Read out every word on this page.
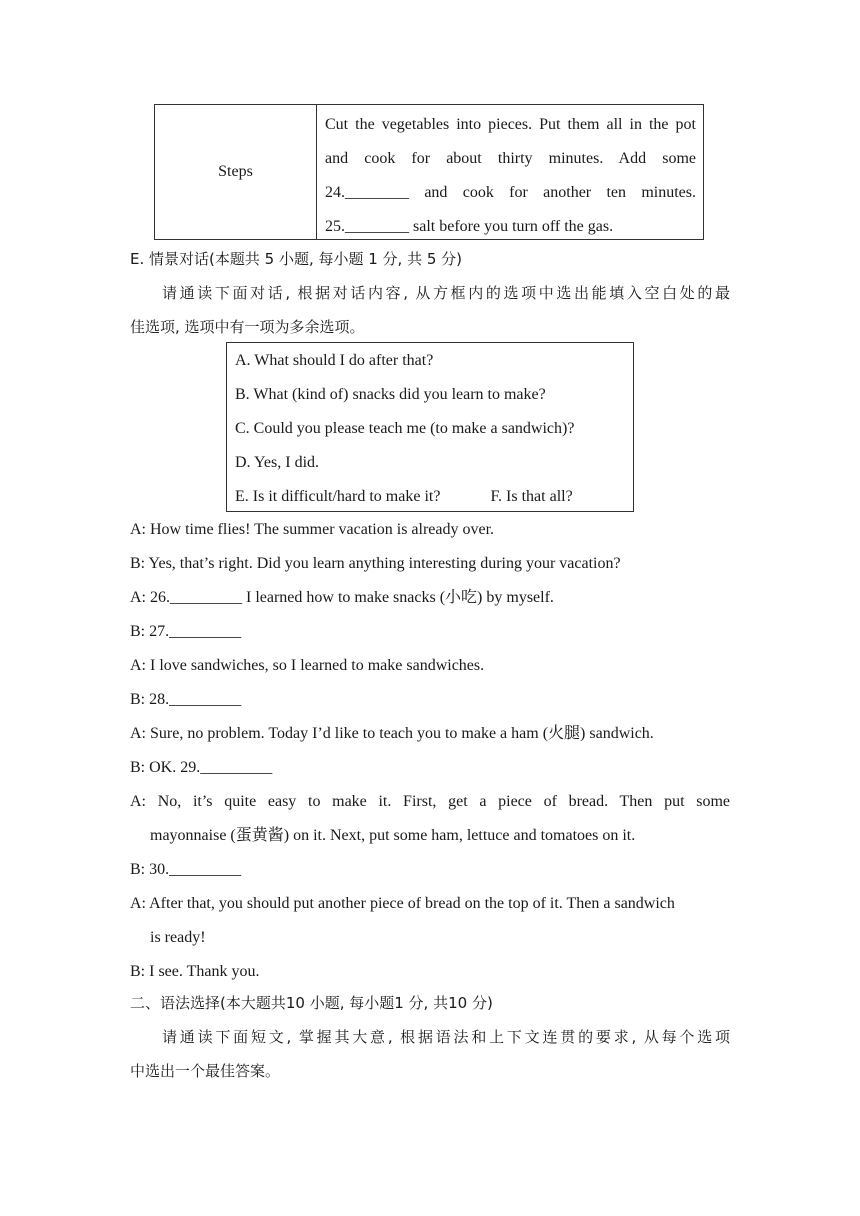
Steps
Cut the vegetables into pieces. Put them all in the pot
and cook for about thirty minutes. Add some
24.________ and cook for another ten minutes.
25.________ salt before you turn off the gas.
E. 情景对话(本题共 5 小题, 每小题 1 分, 共 5 分)
请通读下面对话, 根据对话内容, 从方框内的选项中选出能填入空白处的最
佳选项, 选项中有一项为多余选项。
A. What should I do after that?
B. What (kind of) snacks did you learn to make?
C. Could you please teach me (to make a sandwich)?
D. Yes, I did.
E. Is it difficult/hard to make it?	F. Is that all?
A: How time flies! The summer vacation is already over.
B: Yes, that’s right. Did you learn anything interesting during your vacation?
A: 26._________ I learned how to make snacks (小吃) by myself.
B: 27._________
A: I love sandwiches, so I learned to make sandwiches.
B: 28._________
A: Sure, no problem. Today I’d like to teach you to make a ham (火腿) sandwich.
B: OK. 29._________
A: No, it’s quite easy to make it. First, get a piece of bread. Then put some
mayonnaise (蛋黄酱) on it. Next, put some ham, lettuce and tomatoes on it.
B: 30._________
A: After that, you should put another piece of bread on the top of it. Then a sandwich
is ready!
B: I see. Thank you.
二、语法选择(本大题共10 小题, 每小题1 分, 共10 分)
请通读下面短文, 掌握其大意, 根据语法和上下文连贯的要求, 从每个选项
中选出一个最佳答案。
